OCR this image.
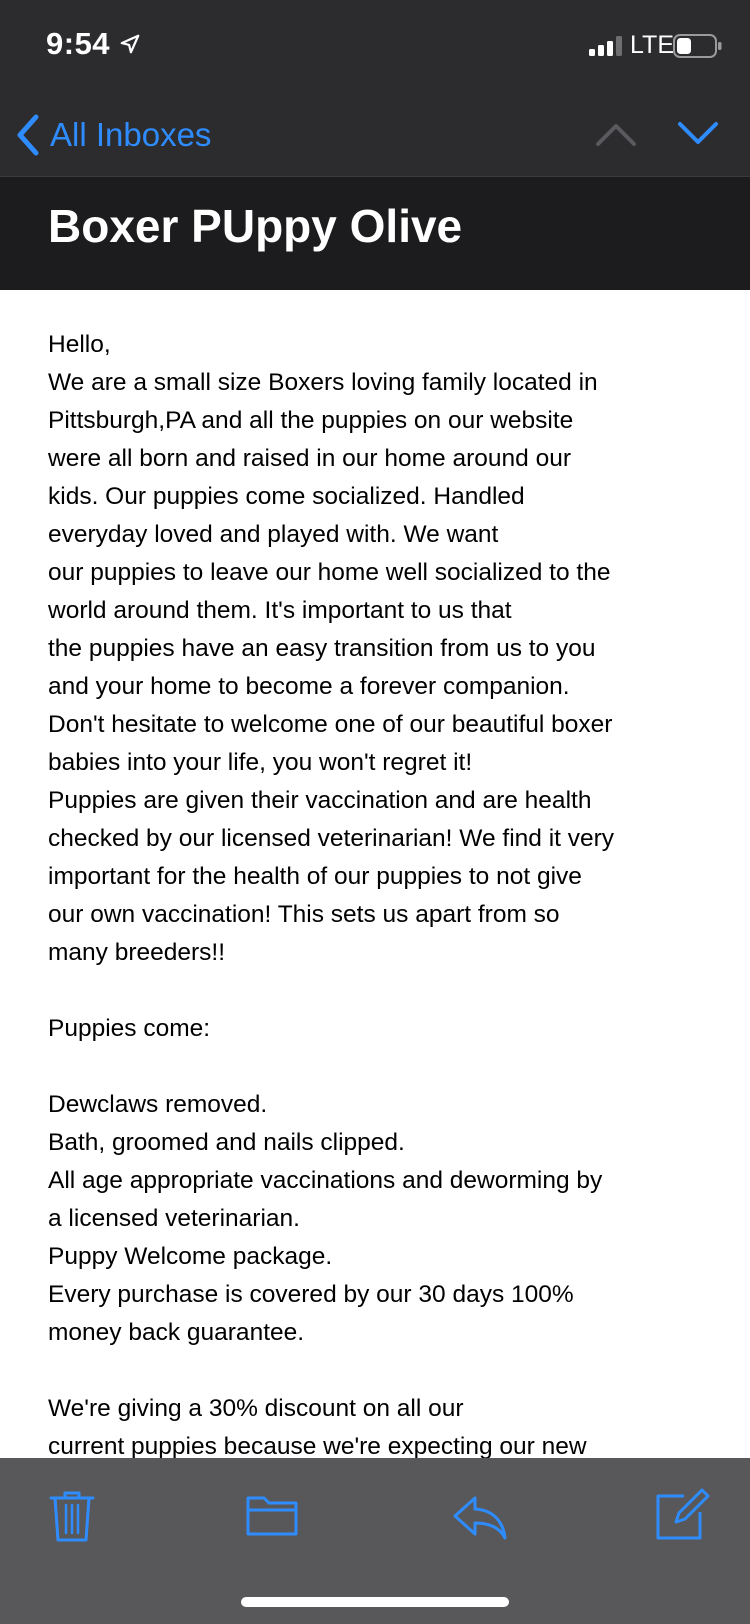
9:54	LTE
All Inboxes
Boxer PUppy Olive
Hello,
We are a small size Boxers loving family located in
Pittsburgh,PA and all the puppies on our website
were all born and raised in our home around our
kids. Our puppies come socialized. Handled
everyday loved and played with. We want
our puppies to leave our home well socialized to the
world around them. It's important to us that
the puppies have an easy transition from us to you
and your home to become a forever companion.
Don't hesitate to welcome one of our beautiful boxer
babies into your life, you won't regret it!
Puppies are given their vaccination and are health
checked by our licensed veterinarian! We find it very
important for the health of our puppies to not give
our own vaccination! This sets us apart from so
many breeders!!
Puppies come:
Dewclaws removed.
Bath, groomed and nails clipped.
All age appropriate vaccinations and deworming by
a licensed veterinarian.
Puppy Welcome package.
Every purchase is covered by our 30 days 100%
money back guarantee.
We're giving a 30% discount on all our
current puppies because we're expecting our new
